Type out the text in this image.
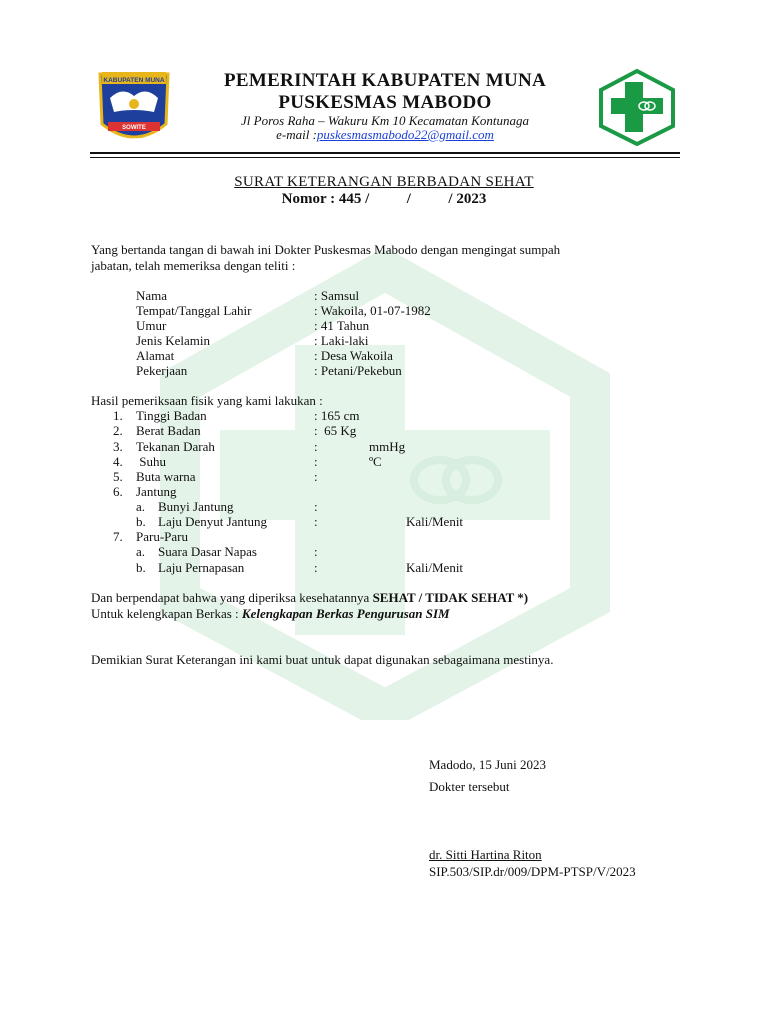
KABUPATEN MUNA
SOWITE
1959
PEMERINTAH KABUPATEN MUNA
PUSKESMAS MABODO
Jl Poros Raha – Wakuru Km 10 Kecamatan Kontunaga
e-mail :puskesmasmabodo22@gmail.com
SURAT KETERANGAN BERBADAN SEHAT
Nomor : 445 /          /          / 2023
Yang bertanda tangan di bawah ini Dokter Puskesmas Mabodo dengan mengingat sumpah
jabatan, telah memeriksa dengan teliti :
Nama	: Samsul
Tempat/Tanggal Lahir	: Wakoila, 01-07-1982
Umur	: 41 Tahun
Jenis Kelamin	: Laki-laki
Alamat	: Desa Wakoila
Pekerjaan	: Petani/Pekebun
Hasil pemeriksaan fisik yang kami lakukan :
1. Tinggi Badan	: 165 cm
2. Berat Badan	:  65 Kg
3. Tekanan Darah	:	mmHg
4. Suhu	:	ºC
5. Buta warna	:
6. Jantung
a. Bunyi Jantung	:
b. Laju Denyut Jantung	:	Kali/Menit
7. Paru-Paru
a. Suara Dasar Napas	:
b. Laju Pernapasan	:	Kali/Menit
Dan berpendapat bahwa yang diperiksa kesehatannya SEHAT / TIDAK SEHAT *)
Untuk kelengkapan Berkas : Kelengkapan Berkas Pengurusan SIM
Demikian Surat Keterangan ini kami buat untuk dapat digunakan sebagaimana mestinya.
Madodo, 15 Juni 2023
Dokter tersebut
dr. Sitti Hartina Riton
SIP.503/SIP.dr/009/DPM-PTSP/V/2023
